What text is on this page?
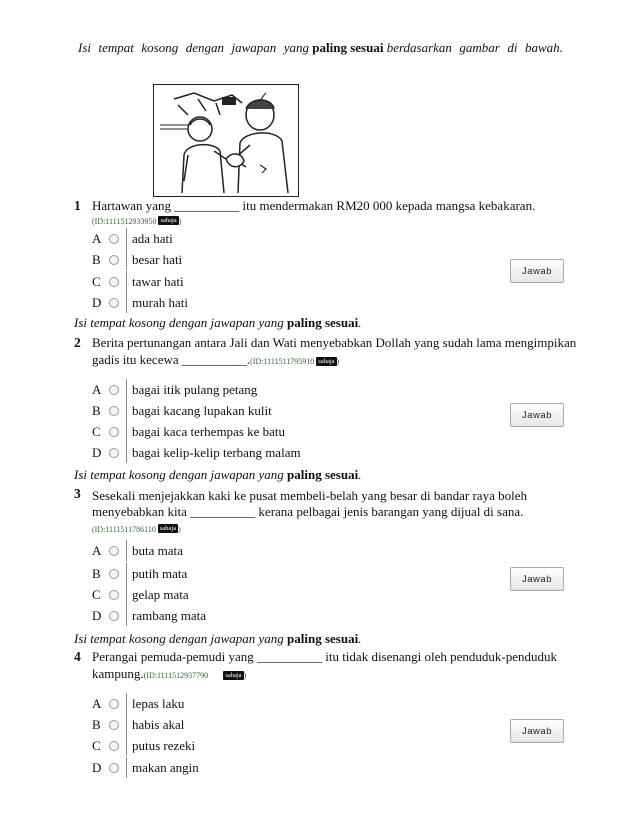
Isi tempat kosong dengan jawapan yang paling sesuai berdasarkan gambar di bawah.
1 Hartawan yang __________ itu mendermakan RM20 000 kepada mangsa kebakaran.
(ID:1111512933950 sahaja )
A	ada hati
B	besar hati
C	tawar hati
D	murah hati
Jawab
Isi tempat kosong dengan jawapan yang paling sesuai.
2 Berita pertunangan antara Jali dan Wati menyebabkan Dollah yang sudah lama mengimpikan
gadis itu kecewa __________.(ID:1111511795910 sahaja )
A	bagai itik pulang petang
B	bagai kacang lupakan kulit
C	bagai kaca terhempas ke batu
D	bagai kelip-kelip terbang malam
Jawab
Isi tempat kosong dengan jawapan yang paling sesuai.
3 Sesekali menjejakkan kaki ke pusat membeli-belah yang besar di bandar raya boleh
menyebabkan kita __________ kerana pelbagai jenis barangan yang dijual di sana.
(ID:1111511786110 sahaja )
A	buta mata
B	putih mata
C	gelap mata
D	rambang mata
Jawab
Isi tempat kosong dengan jawapan yang paling sesuai.
4 Perangai pemuda-pemudi yang __________ itu tidak disenangi oleh penduduk-penduduk
kampung.(ID:1111512937790	sahaja )
A	lepas laku
B	habis akal
C	putus rezeki
D	makan angin
Jawab
